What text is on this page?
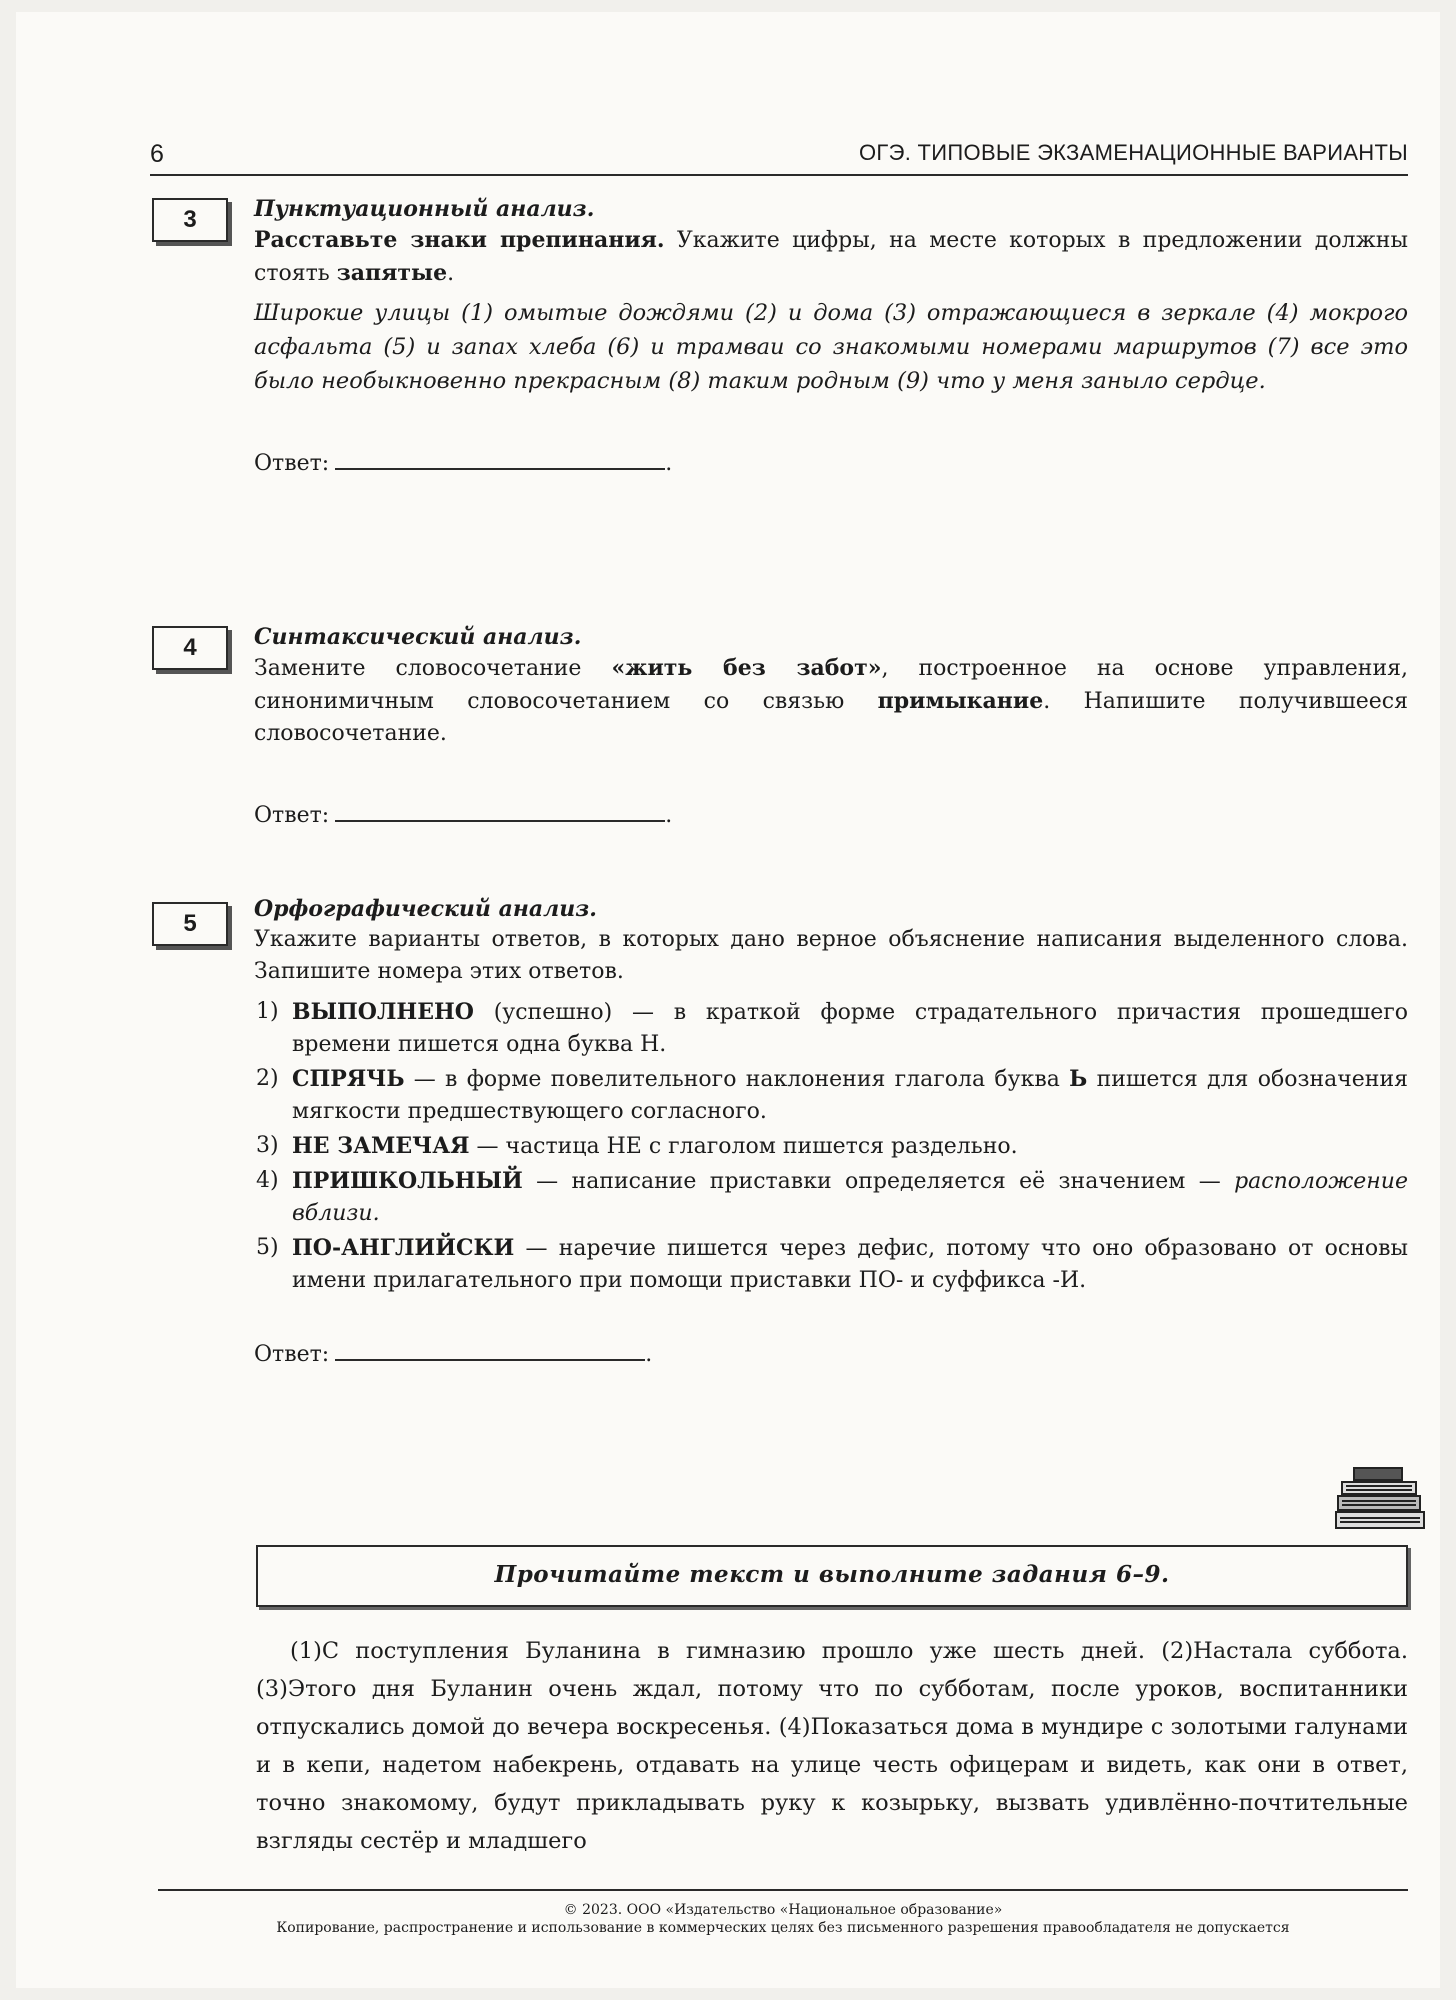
6	ОГЭ. ТИПОВЫЕ ЭКЗАМЕНАЦИОННЫЕ ВАРИАНТЫ
3	Пунктуационный анализ.
Расставьте знаки препинания. Укажите цифры, на месте которых в предложении должны стоять запятые.
Широкие улицы (1) омытые дождями (2) и дома (3) отражающиеся в зеркале (4) мокрого асфальта (5) и запах хлеба (6) и трамваи со знакомыми номерами маршрутов (7) все это было необыкновенно прекрасным (8) таким родным (9) что у меня заныло сердце.
Ответ:	.
4	Синтаксический анализ.
Замените словосочетание «жить без забот», построенное на основе управления, синонимичным словосочетанием со связью примыкание. Напишите получившееся словосочетание.
Ответ:	.
5
Орфографический анализ.
Укажите варианты ответов, в которых дано верное объяснение написания выделенного слова. Запишите номера этих ответов.
1) ВЫПОЛНЕНО (успешно) — в краткой форме страдательного причастия прошедшего времени пишется одна буква Н.
2) СПРЯЧЬ — в форме повелительного наклонения глагола буква Ь пишется для обозначения мягкости предшествующего согласного.
3) НЕ ЗАМЕЧАЯ — частица НЕ с глаголом пишется раздельно.
4) ПРИШКОЛЬНЫЙ — написание приставки определяется её значением — расположение вблизи.
5) ПО-АНГЛИЙСКИ — наречие пишется через дефис, потому что оно образовано от основы имени прилагательного при помощи приставки ПО- и суффикса -И.
Ответ:	.
Прочитайте текст и выполните задания 6–9.
(1)С поступления Буланина в гимназию прошло уже шесть дней. (2)Настала суббота. (3)Этого дня Буланин очень ждал, потому что по субботам, после уроков, воспитанники отпускались домой до вечера воскресенья. (4)Показаться дома в мундире с золотыми галунами и в кепи, надетом набекрень, отдавать на улице честь офицерам и видеть, как они в ответ, точно знакомому, будут прикладывать руку к козырьку, вызвать удивлённо-почтительные взгляды сестёр и младшего
© 2023. ООО «Издательство «Национальное образование»
Копирование, распространение и использование в коммерческих целях без письменного разрешения правообладателя не допускается
